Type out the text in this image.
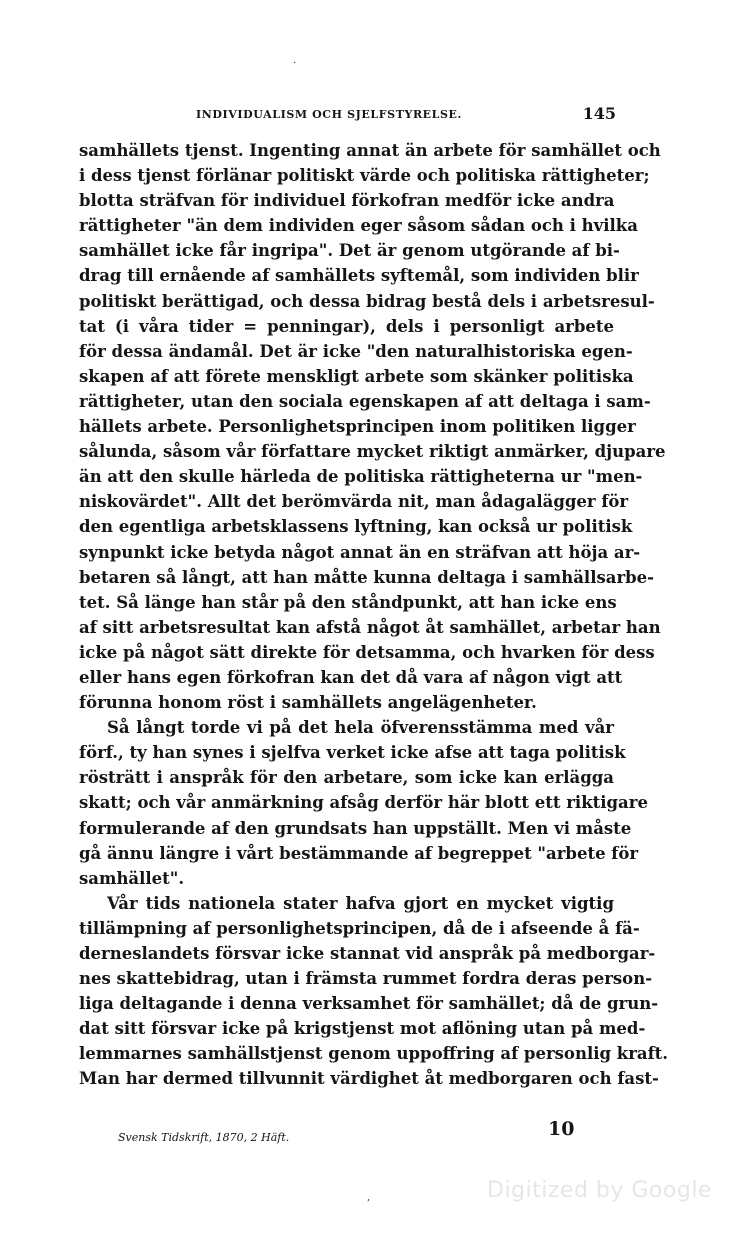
INDIVIDUALISM OCH SJELFSTYRELSE.	145
·
samhällets tjenst. Ingenting annat än arbete för samhället och
i dess tjenst förlänar politiskt värde och politiska rättigheter;
blotta sträfvan för individuel förkofran medför icke andra
rättigheter "än dem individen eger såsom sådan och i hvilka
samhället icke får ingripa". Det är genom utgörande af bi-
drag till ernående af samhällets syftemål, som individen blir
politiskt berättigad, och dessa bidrag bestå dels i arbetsresul-
tat (i våra tider = penningar), dels i personligt arbete
för dessa ändamål. Det är icke "den naturalhistoriska egen-
skapen af att förete menskligt arbete som skänker politiska
rättigheter, utan den sociala egenskapen af att deltaga i sam-
hällets arbete. Personlighetsprincipen inom politiken ligger
sålunda, såsom vår författare mycket riktigt anmärker, djupare
än att den skulle härleda de politiska rättigheterna ur "men-
niskovärdet". Allt det berömvärda nit, man ådagalägger för
den egentliga arbetsklassens lyftning, kan också ur politisk
synpunkt icke betyda något annat än en sträfvan att höja ar-
betaren så långt, att han måtte kunna deltaga i samhällsarbe-
tet. Så länge han står på den ståndpunkt, att han icke ens
af sitt arbetsresultat kan afstå något åt samhället, arbetar han
icke på något sätt direkte för detsamma, och hvarken för dess
eller hans egen förkofran kan det då vara af någon vigt att
förunna honom röst i samhällets angelägenheter.
Så långt torde vi på det hela öfverensstämma med vår
förf., ty han synes i sjelfva verket icke afse att taga politisk
rösträtt i anspråk för den arbetare, som icke kan erlägga
skatt; och vår anmärkning afsåg derför här blott ett riktigare
formulerande af den grundsats han uppställt. Men vi måste
gå ännu längre i vårt bestämmande af begreppet "arbete för
samhället".
Vår tids nationela stater hafva gjort en mycket vigtig
tillämpning af personlighetsprincipen, då de i afseende å fä-
derneslandets försvar icke stannat vid anspråk på medborgar-
nes skattebidrag, utan i främsta rummet fordra deras person-
liga deltagande i denna verksamhet för samhället; då de grun-
dat sitt försvar icke på krigstjenst mot aflöning utan på med-
lemmarnes samhällstjenst genom uppoffring af personlig kraft.
Man har dermed tillvunnit värdighet åt medborgaren och fast-
Svensk Tidskrift, 1870, 2 Häft.	10
,	Digitized by Google
